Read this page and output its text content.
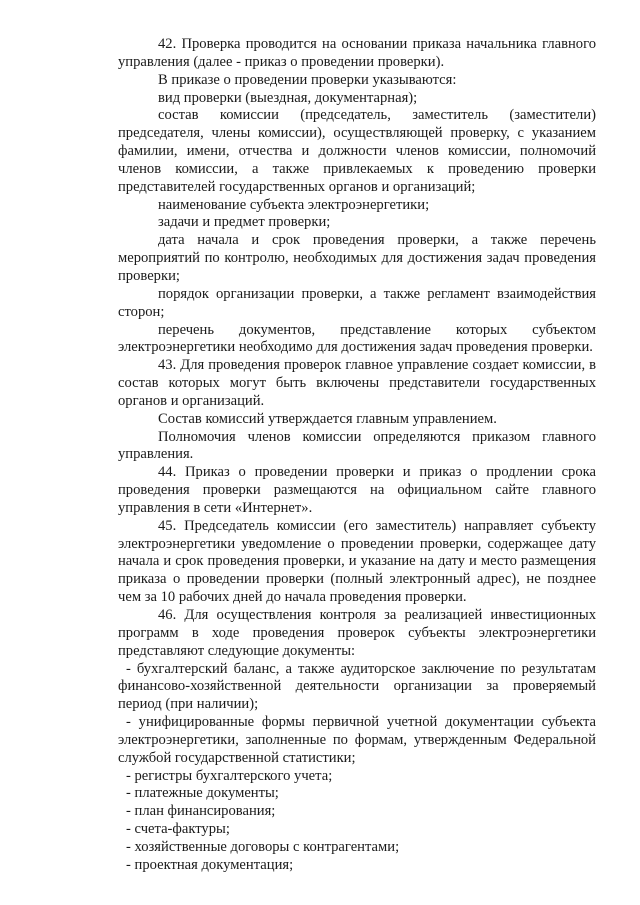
42. Проверка проводится на основании приказа начальника главного управления (далее - приказ о проведении проверки).

В приказе о проведении проверки указываются:

вид проверки (выездная, документарная);

состав комиссии (председатель, заместитель (заместители) председателя, члены комиссии), осуществляющей проверку, с указанием фамилии, имени, отчества и должности членов комиссии, полномочий членов комиссии, а также привлекаемых к проведению проверки представителей государственных органов и организаций;

наименование субъекта электроэнергетики;

задачи и предмет проверки;

дата начала и срок проведения проверки, а также перечень мероприятий по контролю, необходимых для достижения задач проведения проверки;

порядок организации проверки, а также регламент взаимодействия сторон;

перечень документов, представление которых субъектом электроэнергетики необходимо для достижения задач проведения проверки.

43. Для проведения проверок главное управление создает комиссии, в состав которых могут быть включены представители государственных органов и организаций.

Состав комиссий утверждается главным управлением.

Полномочия членов комиссии определяются приказом главного управления.

44. Приказ о проведении проверки и приказ о продлении срока проведения проверки размещаются на официальном сайте главного управления в сети «Интернет».

45. Председатель комиссии (его заместитель) направляет субъекту электроэнергетики уведомление о проведении проверки, содержащее дату начала и срок проведения проверки, и указание на дату и место размещения приказа о проведении проверки (полный электронный адрес), не позднее чем за 10 рабочих дней до начала проведения проверки.

46. Для осуществления контроля за реализацией инвестиционных программ в ходе проведения проверок субъекты электроэнергетики представляют следующие документы:

- бухгалтерский баланс, а также аудиторское заключение по результатам финансово-хозяйственной деятельности организации за проверяемый период (при наличии);

- унифицированные формы первичной учетной документации субъекта электроэнергетики, заполненные по формам, утвержденным Федеральной службой государственной статистики;

- регистры бухгалтерского учета;

- платежные документы;

- план финансирования;

- счета-фактуры;

- хозяйственные договоры с контрагентами;

- проектная документация;
